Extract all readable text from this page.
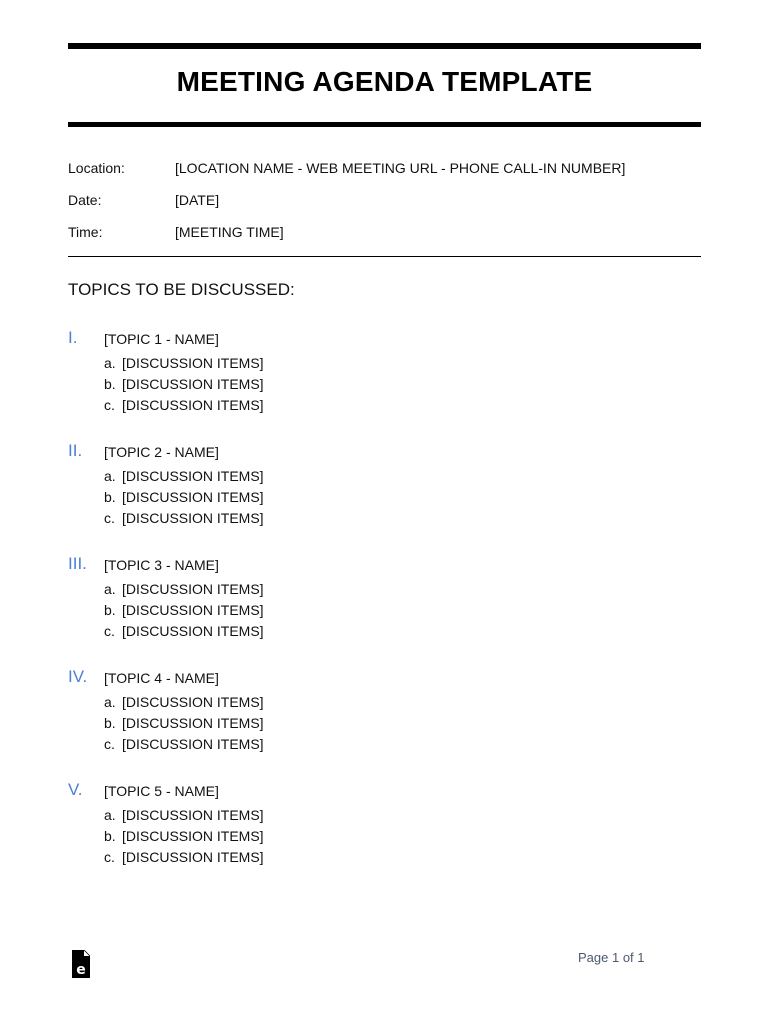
MEETING AGENDA TEMPLATE
Location:	[LOCATION NAME - WEB MEETING URL - PHONE CALL-IN NUMBER]
Date:	[DATE]
Time:	[MEETING TIME]
TOPICS TO BE DISCUSSED:
I. [TOPIC 1 - NAME]
a. [DISCUSSION ITEMS]
b. [DISCUSSION ITEMS]
c. [DISCUSSION ITEMS]
II. [TOPIC 2 - NAME]
a. [DISCUSSION ITEMS]
b. [DISCUSSION ITEMS]
c. [DISCUSSION ITEMS]
III. [TOPIC 3 - NAME]
a. [DISCUSSION ITEMS]
b. [DISCUSSION ITEMS]
c. [DISCUSSION ITEMS]
IV. [TOPIC 4 - NAME]
a. [DISCUSSION ITEMS]
b. [DISCUSSION ITEMS]
c. [DISCUSSION ITEMS]
V. [TOPIC 5 - NAME]
a. [DISCUSSION ITEMS]
b. [DISCUSSION ITEMS]
c. [DISCUSSION ITEMS]
e
Page 1 of 1
